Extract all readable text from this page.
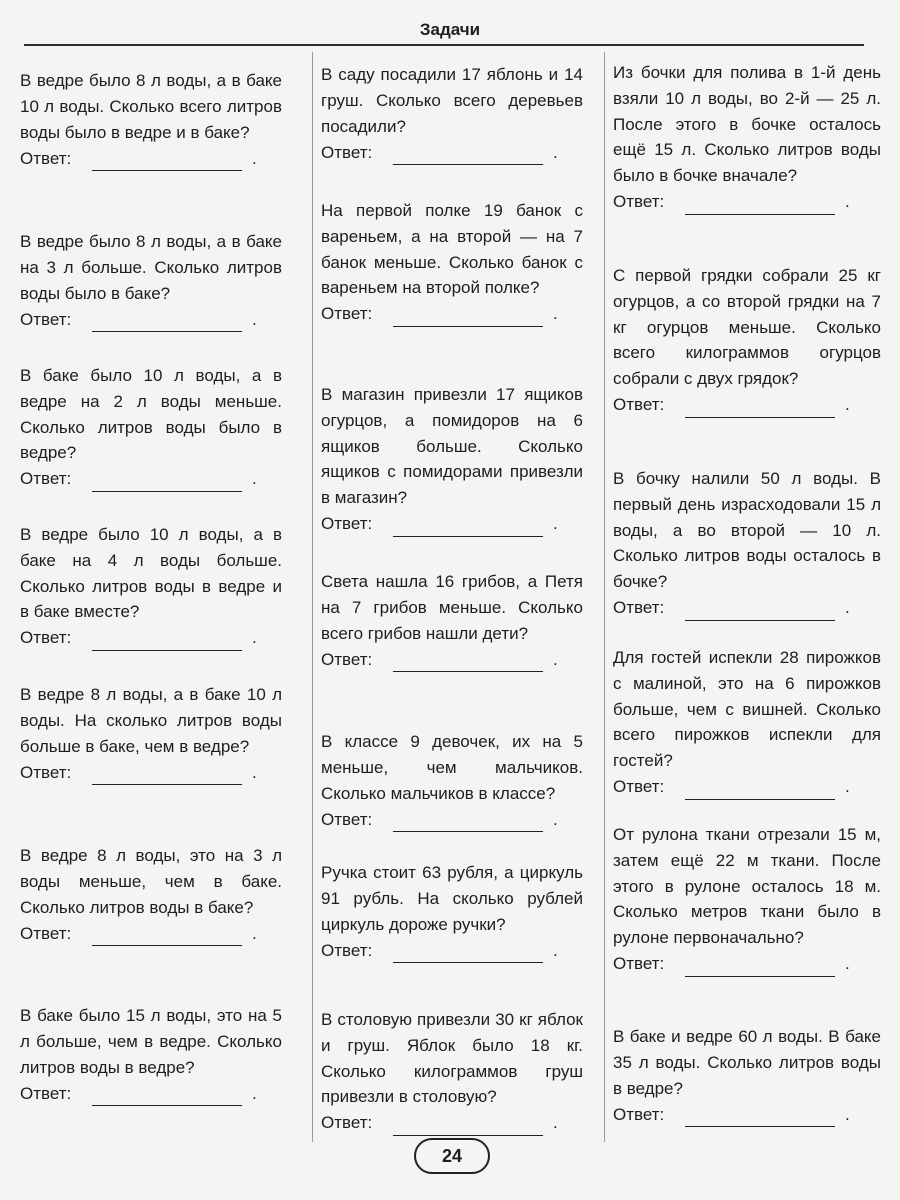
Задачи

В ведре было 8 л воды, а в баке 10 л воды. Сколько всего литров воды было в ведре и в баке?

Ответ:	.

В ведре было 8 л воды, а в баке на 3 л больше. Сколько литров воды было в баке?

Ответ:	.

В баке было 10 л воды, а в ведре на 2 л воды меньше. Сколько литров воды было в ведре?

Ответ:	.

В ведре было 10 л воды, а в баке на 4 л воды больше. Сколько литров воды в ведре и в баке вместе?

Ответ:	.

В ведре 8 л воды, а в баке 10 л воды. На сколько литров воды больше в баке, чем в ведре?

Ответ:	.

В ведре 8 л воды, это на 3 л воды меньше, чем в баке. Сколько литров воды в баке?

Ответ:	.

В баке было 15 л воды, это на 5 л больше, чем в ведре. Сколько литров воды в ведре?

Ответ:	.

В саду посадили 17 яблонь и 14 груш. Сколько всего деревьев посадили?

Ответ:	.

На первой полке 19 банок с вареньем, а на второй — на 7 банок меньше. Сколько банок с вареньем на второй полке?

Ответ:	.

В магазин привезли 17 ящиков огурцов, а помидоров на 6 ящиков больше. Сколько ящиков с помидорами привезли в магазин?

Ответ:	.

Света нашла 16 грибов, а Петя на 7 грибов меньше. Сколько всего грибов нашли дети?

Ответ:	.

В классе 9 девочек, их на 5 меньше, чем мальчиков. Сколько мальчиков в классе?

Ответ:	.

Ручка стоит 63 рубля, а циркуль 91 рубль. На сколько рублей циркуль дороже ручки?

Ответ:	.

В столовую привезли 30 кг яблок и груш. Яблок было 18 кг. Сколько килограммов груш привезли в столовую?

Ответ:	.

Из бочки для полива в 1-й день взяли 10 л воды, во 2-й — 25 л. После этого в бочке осталось ещё 15 л. Сколько литров воды было в бочке вначале?

Ответ:	.

С первой грядки собрали 25 кг огурцов, а со второй грядки на 7 кг огурцов меньше. Сколько всего килограммов огурцов собрали с двух грядок?

Ответ:	.

В бочку налили 50 л воды. В первый день израсходовали 15 л воды, а во второй — 10 л. Сколько литров воды осталось в бочке?

Ответ:	.

Для гостей испекли 28 пирожков с малиной, это на 6 пирожков больше, чем с вишней. Сколько всего пирожков испекли для гостей?

Ответ:	.

От рулона ткани отрезали 15 м, затем ещё 22 м ткани. После этого в рулоне осталось 18 м. Сколько метров ткани было в рулоне первоначально?

Ответ:	.

В баке и ведре 60 л воды. В баке 35 л воды. Сколько литров воды в ведре?

Ответ:	.
24
